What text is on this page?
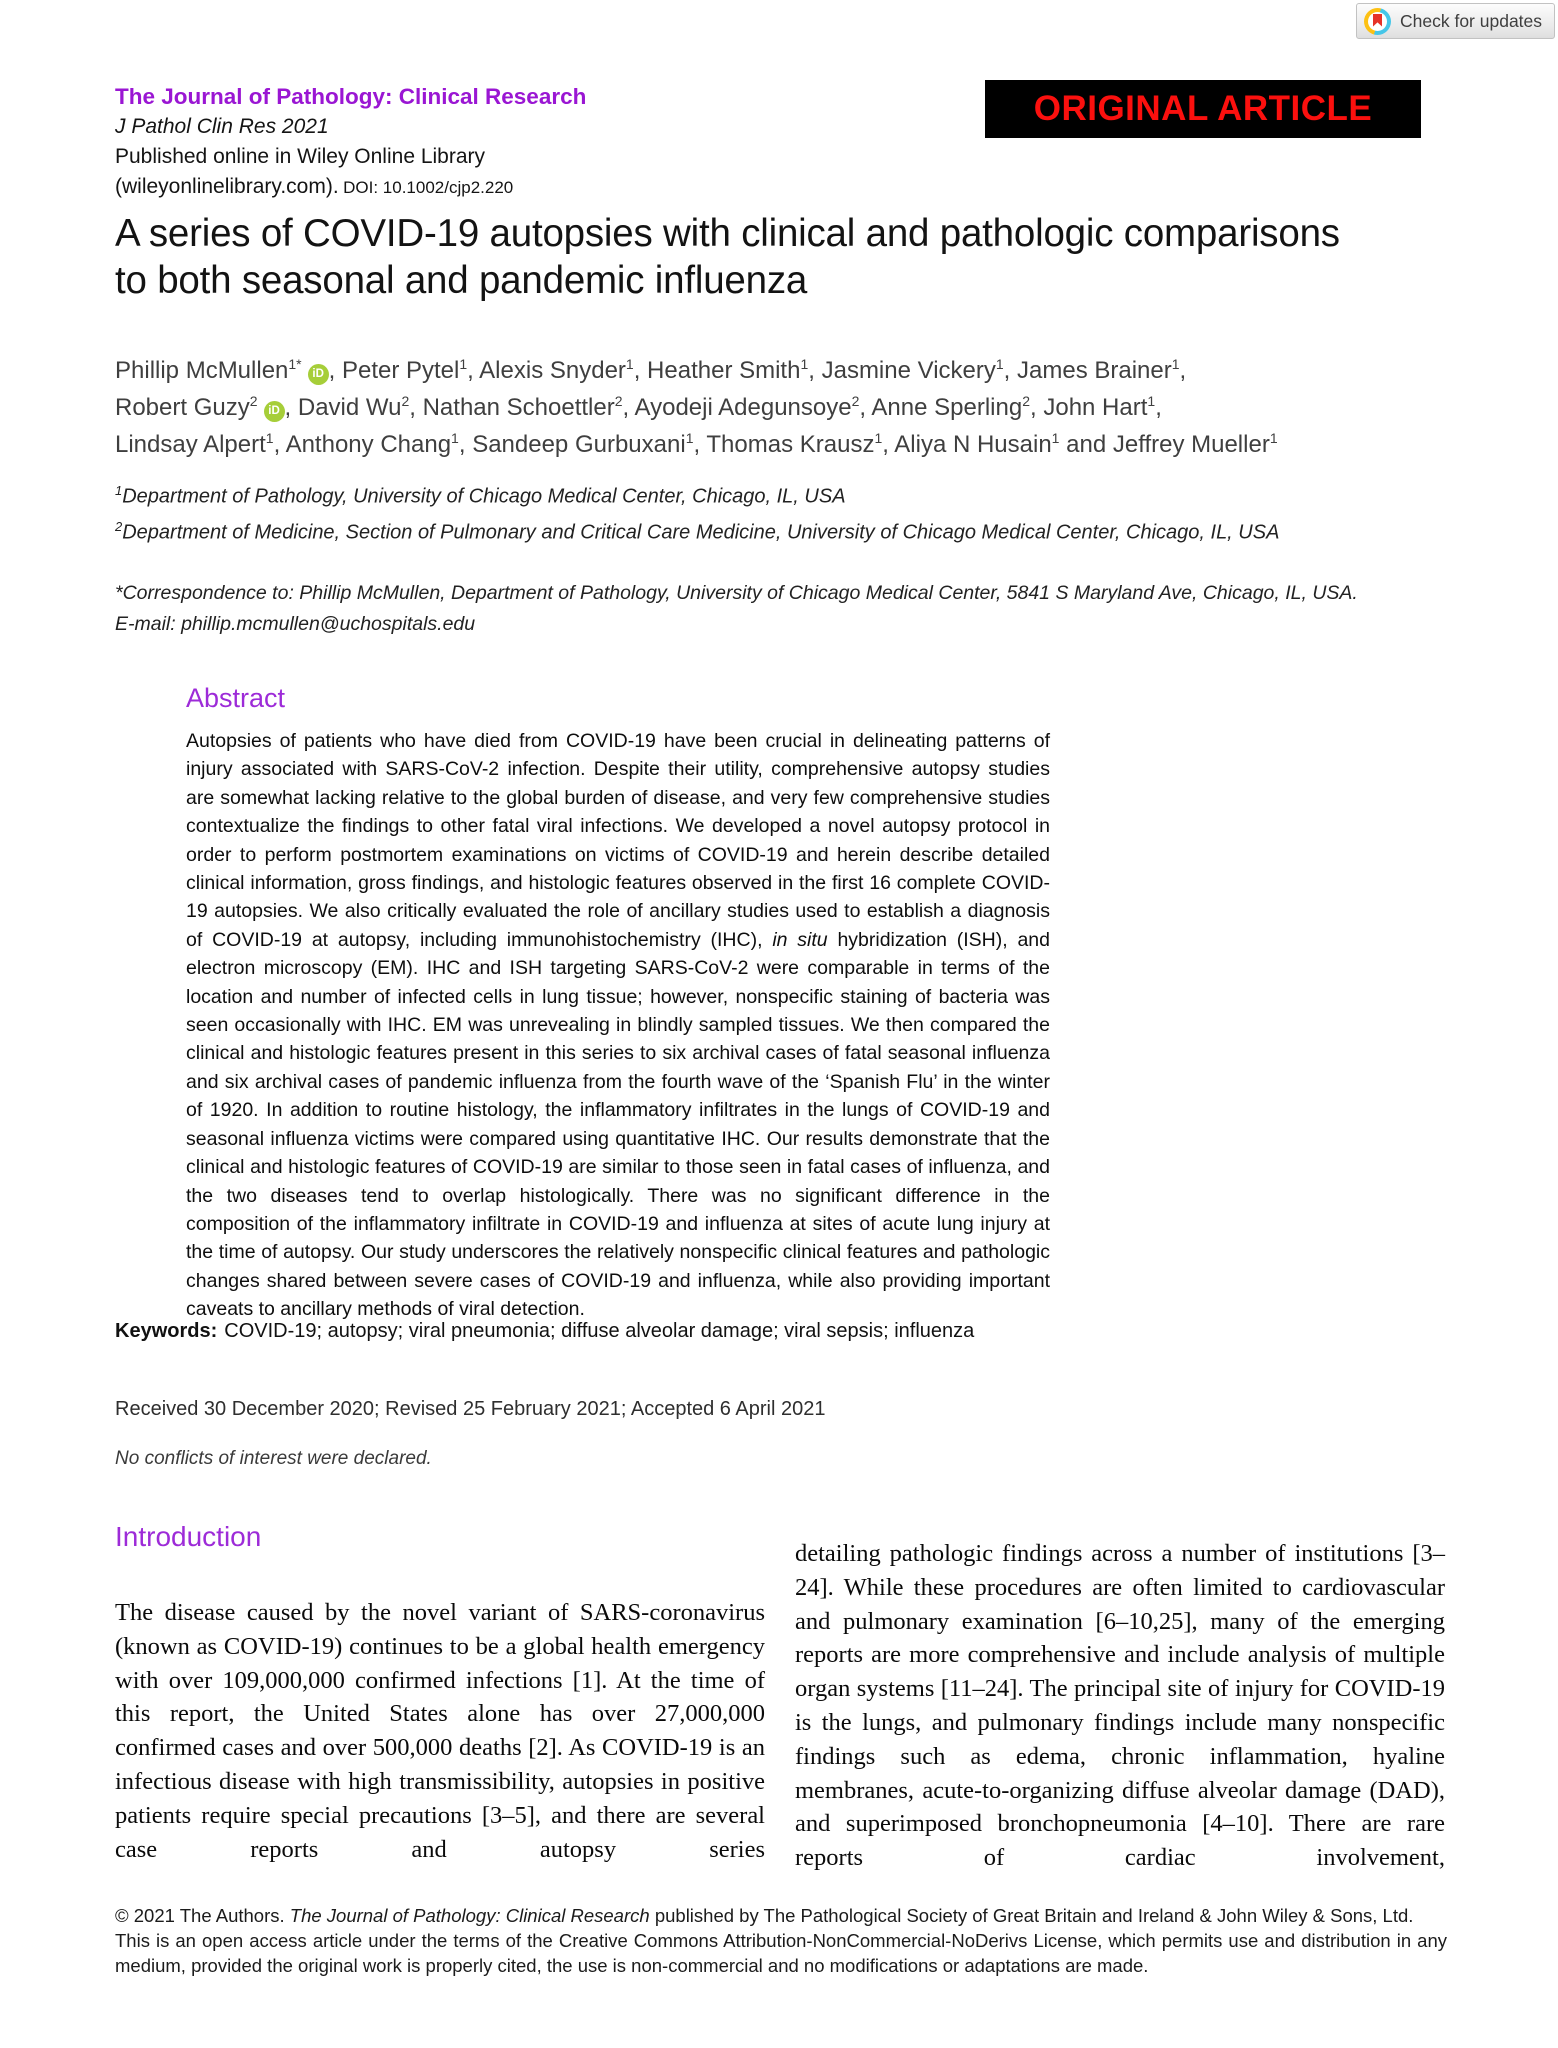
Check for updates
The Journal of Pathology: Clinical Research
J Pathol Clin Res 2021
Published online in Wiley Online Library
(wileyonlinelibrary.com). DOI: 10.1002/cjp2.220
ORIGINAL ARTICLE
A series of COVID-19 autopsies with clinical and pathologic comparisons to both seasonal and pandemic influenza
Phillip McMullen$^{1*}$iD , Peter Pytel$^1$, Alexis Snyder$^1$, Heather Smith$^1$, Jasmine Vickery$^1$, James Brainer$^1$,
Robert Guzy$^2$iD , David Wu$^2$, Nathan Schoettler$^2$, Ayodeji Adegunsoye$^2$, Anne Sperling$^2$, John Hart$^1$,
Lindsay Alpert$^1$, Anthony Chang$^1$, Sandeep Gurbuxani$^1$, Thomas Krausz$^1$, Aliya N Husain$^1$ and Jeffrey Mueller$^1$
$^1$Department of Pathology, University of Chicago Medical Center, Chicago, IL, USA
$^2$Department of Medicine, Section of Pulmonary and Critical Care Medicine, University of Chicago Medical Center, Chicago, IL, USA
*Correspondence to: Phillip McMullen, Department of Pathology, University of Chicago Medical Center, 5841 S Maryland Ave, Chicago, IL, USA.
E-mail: phillip.mcmullen@uchospitals.edu
Abstract
Autopsies of patients who have died from COVID-19 have been crucial in delineating patterns of injury associated with SARS-CoV-2 infection. Despite their utility, comprehensive autopsy studies are somewhat lacking relative to the global burden of disease, and very few comprehensive studies contextualize the findings to other fatal viral infections. We developed a novel autopsy protocol in order to perform postmortem examinations on victims of COVID-19 and herein describe detailed clinical information, gross findings, and histologic features observed in the first 16 complete COVID-19 autopsies. We also critically evaluated the role of ancillary studies used to establish a diagnosis of COVID-19 at autopsy, including immunohistochemistry (IHC), in situ hybridization (ISH), and electron microscopy (EM). IHC and ISH targeting SARS-CoV-2 were comparable in terms of the location and number of infected cells in lung tissue; however, nonspecific staining of bacteria was seen occasionally with IHC. EM was unrevealing in blindly sampled tissues. We then compared the clinical and histologic features present in this series to six archival cases of fatal seasonal influenza and six archival cases of pandemic influenza from the fourth wave of the ‘Spanish Flu’ in the winter of 1920. In addition to routine histology, the inflammatory infiltrates in the lungs of COVID-19 and seasonal influenza victims were compared using quantitative IHC. Our results demonstrate that the clinical and histologic features of COVID-19 are similar to those seen in fatal cases of influenza, and the two diseases tend to overlap histologically. There was no significant difference in the composition of the inflammatory infiltrate in COVID-19 and influenza at sites of acute lung injury at the time of autopsy. Our study underscores the relatively nonspecific clinical features and pathologic changes shared between severe cases of COVID-19 and influenza, while also providing important caveats to ancillary methods of viral detection.
Keywords: COVID-19; autopsy; viral pneumonia; diffuse alveolar damage; viral sepsis; influenza
Received 30 December 2020; Revised 25 February 2021; Accepted 6 April 2021
No conflicts of interest were declared.
Introduction
The disease caused by the novel variant of SARS-coronavirus (known as COVID-19) continues to be a global health emergency with over 109,000,000 confirmed infections [1]. At the time of this report, the United States alone has over 27,000,000 confirmed cases and over 500,000 deaths [2]. As COVID-19 is an infectious disease with high transmissibility, autopsies in positive patients require special precautions [3–5], and there are several case reports and autopsy series
detailing pathologic findings across a number of institutions [3–24]. While these procedures are often limited to cardiovascular and pulmonary examination [6–10,25], many of the emerging reports are more comprehensive and include analysis of multiple organ systems [11–24]. The principal site of injury for COVID-19 is the lungs, and pulmonary findings include many nonspecific findings such as edema, chronic inflammation, hyaline membranes, acute-to-organizing diffuse alveolar damage (DAD), and superimposed bronchopneumonia [4–10]. There are rare reports of cardiac involvement,
© 2021 The Authors. The Journal of Pathology: Clinical Research published by The Pathological Society of Great Britain and Ireland & John Wiley & Sons, Ltd.
This is an open access article under the terms of the Creative Commons Attribution-NonCommercial-NoDerivs License, which permits use and distribution in any medium, provided the original work is properly cited, the use is non-commercial and no modifications or adaptations are made.
